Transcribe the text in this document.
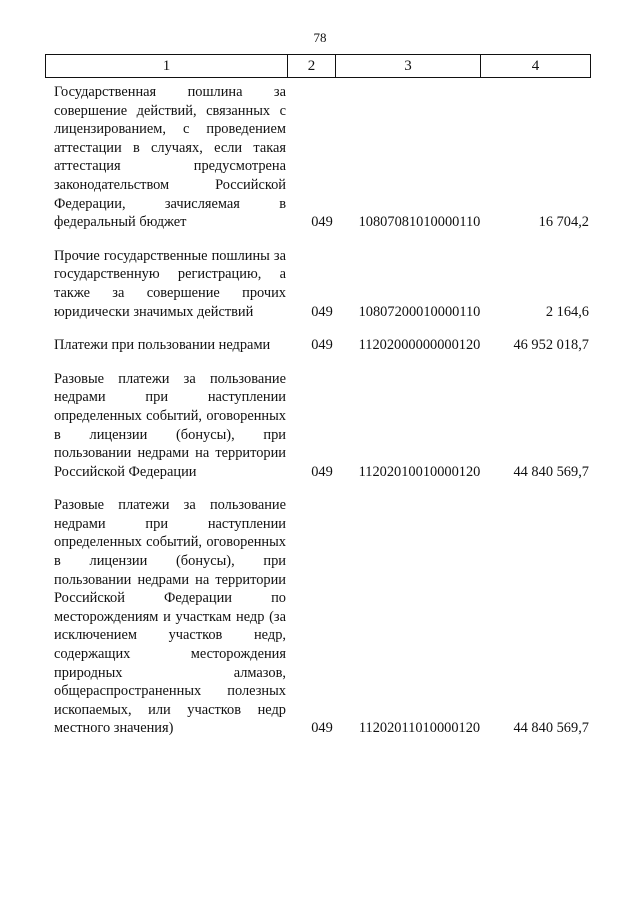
78
1	2	3	4
Государственная пошлина за совершение действий, связанных с лицензированием, с проведением аттестации в случаях, если такая аттестация предусмотрена законодательством Российской Федерации, зачисляемая в федеральный бюджет	049	10807081010000110	16 704,2
Прочие государственные пошлины за государственную регистрацию, а также за совершение прочих юридически значимых действий	049	10807200010000110	2 164,6
Платежи при пользовании недрами	049	11202000000000120	46 952 018,7
Разовые платежи за пользование недрами при наступлении определенных событий, оговоренных в лицензии (бонусы), при пользовании недрами на территории Российской Федерации	049	11202010010000120	44 840 569,7
Разовые платежи за пользование недрами при наступлении определенных событий, оговоренных в лицензии (бонусы), при пользовании недрами на территории Российской Федерации по месторождениям и участкам недр (за исключением участков недр, содержащих месторождения природных алмазов, общераспространенных полезных ископаемых, или участков недр местного значения)	049	11202011010000120	44 840 569,7
